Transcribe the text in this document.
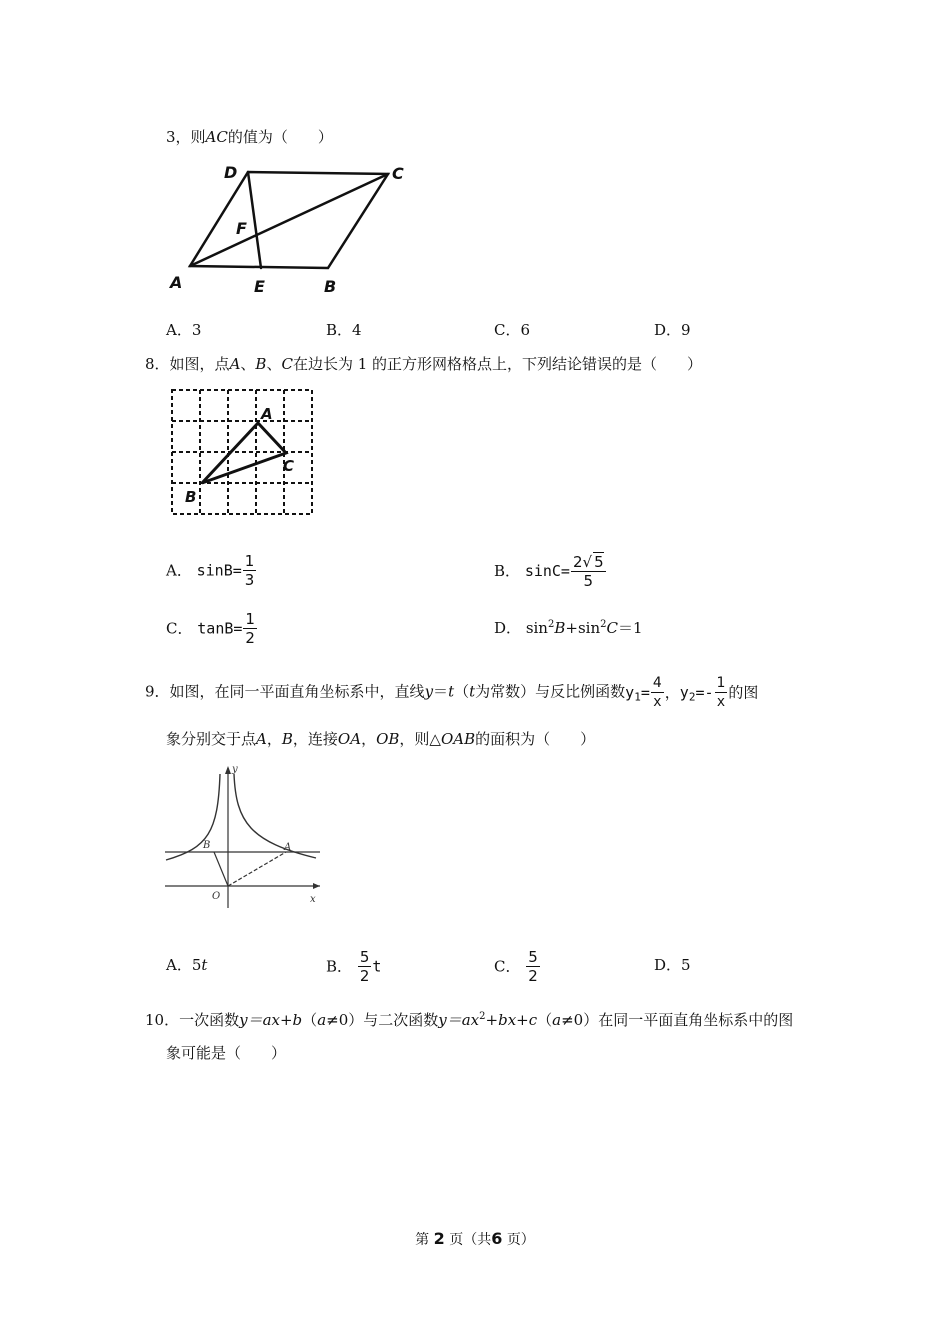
3，则AC的值为（　　）
D	C
F
A	E	B
A．3	B．4	C．6	D．9
8．如图，点A、B、C在边长为 1 的正方形网格格点上，下列结论错误的是（　　）
A
B
C
A． $\sin B= \frac{1}{3}$	B． $\sin C= \frac{2√ 5}{5}$
C． $\tan B= \frac{1}{2}$	D． $\sin^2B+\sin^2C=1$
9．如图，在同一平面直角坐标系中，直线y＝t（t为常数）与反比例函数$y_1= \frac{4}{x}$ ，$y_2=- \frac{1}{x}$ 的图
象分别交于点A，B，连接OA，OB，则△OAB的面积为（　　）
B	A
O
y
x
A．5t	B． $\frac{5}{2}$ t	C． $\frac{5}{2}$	D．5
10．一次函数y＝ax+b（a≠0）与二次函数$y=ax^2+bx+c(a\ne 0)$在同一平面直角坐标系中的图
象可能是（　　）
第 2 页（共6 页）
